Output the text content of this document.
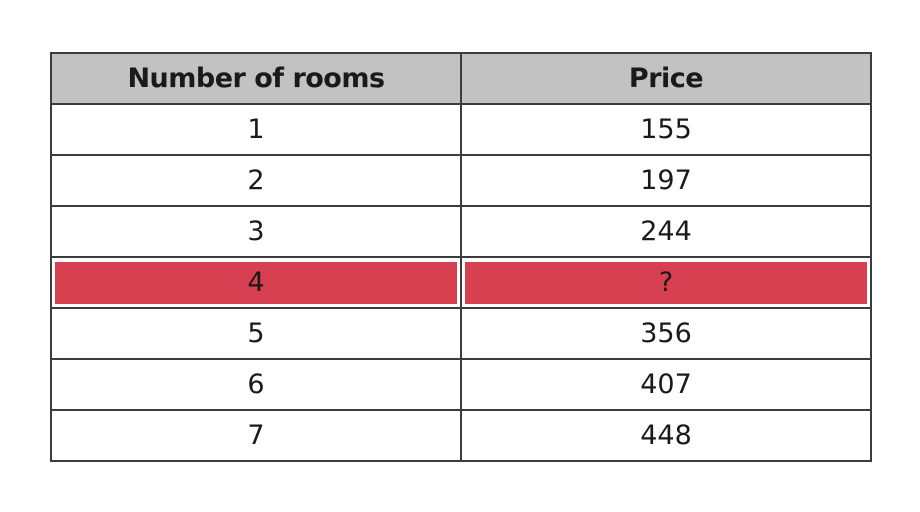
Number of rooms	Price
1	155
2	197
3	244

4	?

5	356
6	407
7	448
